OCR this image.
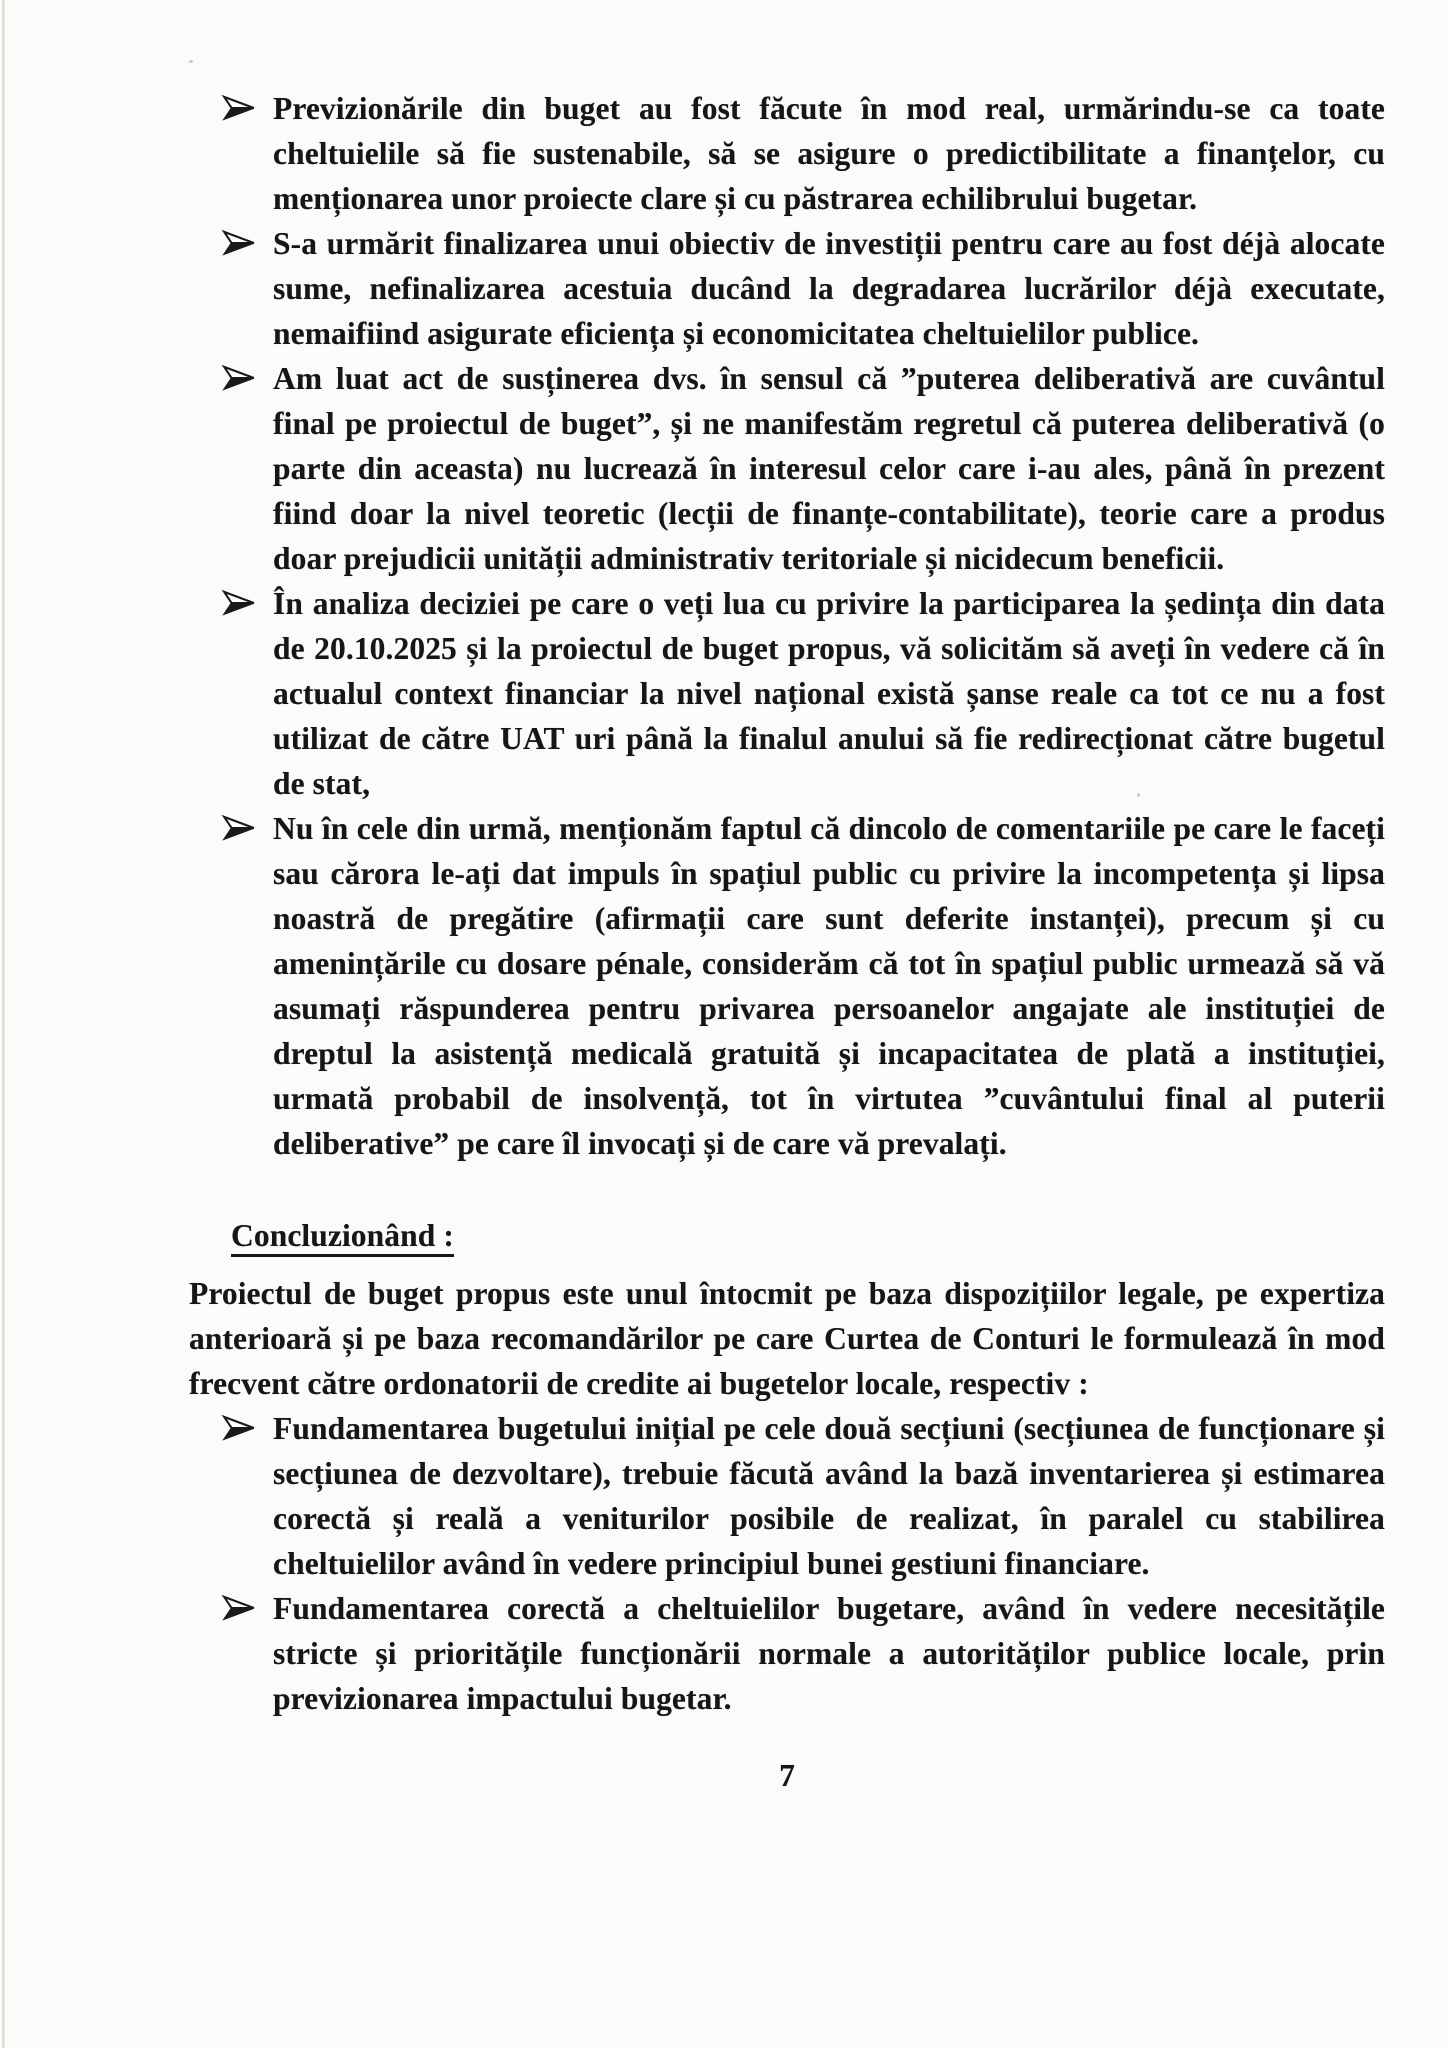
Previzionările din buget au fost făcute în mod real, urmărindu-se ca toate cheltuielile să fie sustenabile, să se asigure o predictibilitate a finanțelor, cu menționarea unor proiecte clare și cu păstrarea echilibrului bugetar.

S-a urmărit finalizarea unui obiectiv de investiții pentru care au fost déjà alocate sume, nefinalizarea acestuia ducând la degradarea lucrărilor déjà executate, nemaifiind asigurate eficiența și economicitatea cheltuielilor publice.

Am luat act de susținerea dvs. în sensul că ”puterea deliberativă are cuvântul final pe proiectul de buget”, și ne manifestăm regretul că puterea deliberativă (o parte din aceasta) nu lucrează în interesul celor care i-au ales, până în prezent fiind doar la nivel teoretic (lecții de finanțe-contabilitate), teorie care a produs doar prejudicii unității administrativ teritoriale și nicidecum beneficii.

În analiza deciziei pe care o veți lua cu privire la participarea la ședința din data de 20.10.2025 și la proiectul de buget propus, vă solicităm să aveți în vedere că în actualul context financiar la nivel național există șanse reale ca tot ce nu a fost utilizat de către UAT uri până la finalul anului să fie redirecționat către bugetul de stat,

Nu în cele din urmă, menționăm faptul că dincolo de comentariile pe care le faceți sau cărora le-ați dat impuls în spațiul public cu privire la incompetența și lipsa noastră de pregătire (afirmații care sunt deferite instanței), precum și cu amenințările cu dosare pénale, considerăm că tot în spațiul public urmează să vă asumați răspunderea pentru privarea persoanelor angajate ale instituției de dreptul la asistență medicală gratuită și incapacitatea de plată a instituției, urmată probabil de insolvență, tot în virtutea ”cuvântului final al puterii deliberative” pe care îl invocați și de care vă prevalați.

Concluzionând :

Proiectul de buget propus este unul întocmit pe baza dispozițiilor legale, pe expertiza anterioară și pe baza recomandărilor pe care Curtea de Conturi le formulează în mod frecvent către ordonatorii de credite ai bugetelor locale, respectiv :

Fundamentarea bugetului inițial pe cele două secțiuni (secțiunea de funcționare și secțiunea de dezvoltare), trebuie făcută având la bază inventarierea și estimarea corectă și reală a veniturilor posibile de realizat, în paralel cu stabilirea cheltuielilor având în vedere principiul bunei gestiuni financiare.

Fundamentarea corectă a cheltuielilor bugetare, având în vedere necesitățile stricte și prioritățile funcționării normale a autorităților publice locale, prin previzionarea impactului bugetar.

7
